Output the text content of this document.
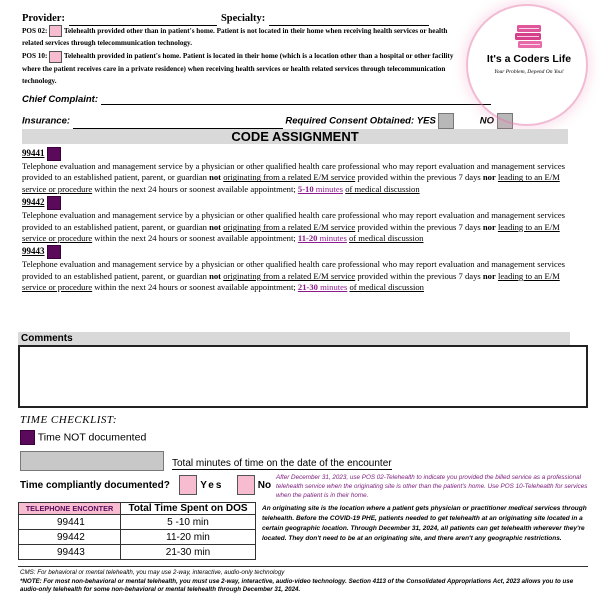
Provider:	Specialty:
POS 02: Telehealth provided other than in patient's home. Patient is not located in their home when receiving health services or health related services through telecommunication technology.
POS 10: Telehealth provided in patient's home. Patient is located in their home (which is a location other than a hospital or other facility where the patient receives care in a private residence) when receiving health services or health related services through telecommunication technology.
Chief Complaint:
Insurance:	Required Consent Obtained: YES	NO
It's a Coders Life
Your Problem, Depend On You!
CODE ASSIGNMENT
99441
Telephone evaluation and management service by a physician or other qualified health care professional who may report evaluation and management services provided to an established patient, parent, or guardian not originating from a related E/M service provided within the previous 7 days nor leading to an E/M service or procedure within the next 24 hours or soonest available appointment; 5-10 minutes of medical discussion
99442
Telephone evaluation and management service by a physician or other qualified health care professional who may report evaluation and management services provided to an established patient, parent, or guardian not originating from a related E/M service provided within the previous 7 days nor leading to an E/M service or procedure within the next 24 hours or soonest available appointment; 11-20 minutes of medical discussion
99443
Telephone evaluation and management service by a physician or other qualified health care professional who may report evaluation and management services provided to an established patient, parent, or guardian not originating from a related E/M service provided within the previous 7 days nor leading to an E/M service or procedure within the next 24 hours or soonest available appointment; 21-30 minutes of medical discussion
Comments
TIME CHECKLIST:
Time NOT documented
Total minutes of time on the date of the encounter
Time compliantly documented?	Yes	No
After December 31, 2023, use POS 02-Telehealth to indicate you provided the billed service as a professional telehealth service when the originating site is other than the patient's home. Use POS 10-Telehealth for services when the patient is in their home.
An originating site is the location where a patient gets physician or practitioner medical services through telehealth. Before the COVID-19 PHE, patients needed to get telehealth at an originating site located in a certain geographic location. Through December 31, 2024, all patients can get telehealth wherever they're located. They don't need to be at an originating site, and there aren't any geographic restrictions.
TELEPHONE ENCONTER	Total Time Spent on DOS
99441	5 -10 min
99442	11-20 min
99443	21-30 min
CMS: For behavioral or mental telehealth, you may use 2-way, interactive, audio-only technology
*NOTE: For most non-behavioral or mental telehealth, you must use 2-way, interactive, audio-video technology. Section 4113 of the Consolidated Appropriations Act, 2023 allows you to use audio-only telehealth for some non-behavioral or mental telehealth through December 31, 2024.
